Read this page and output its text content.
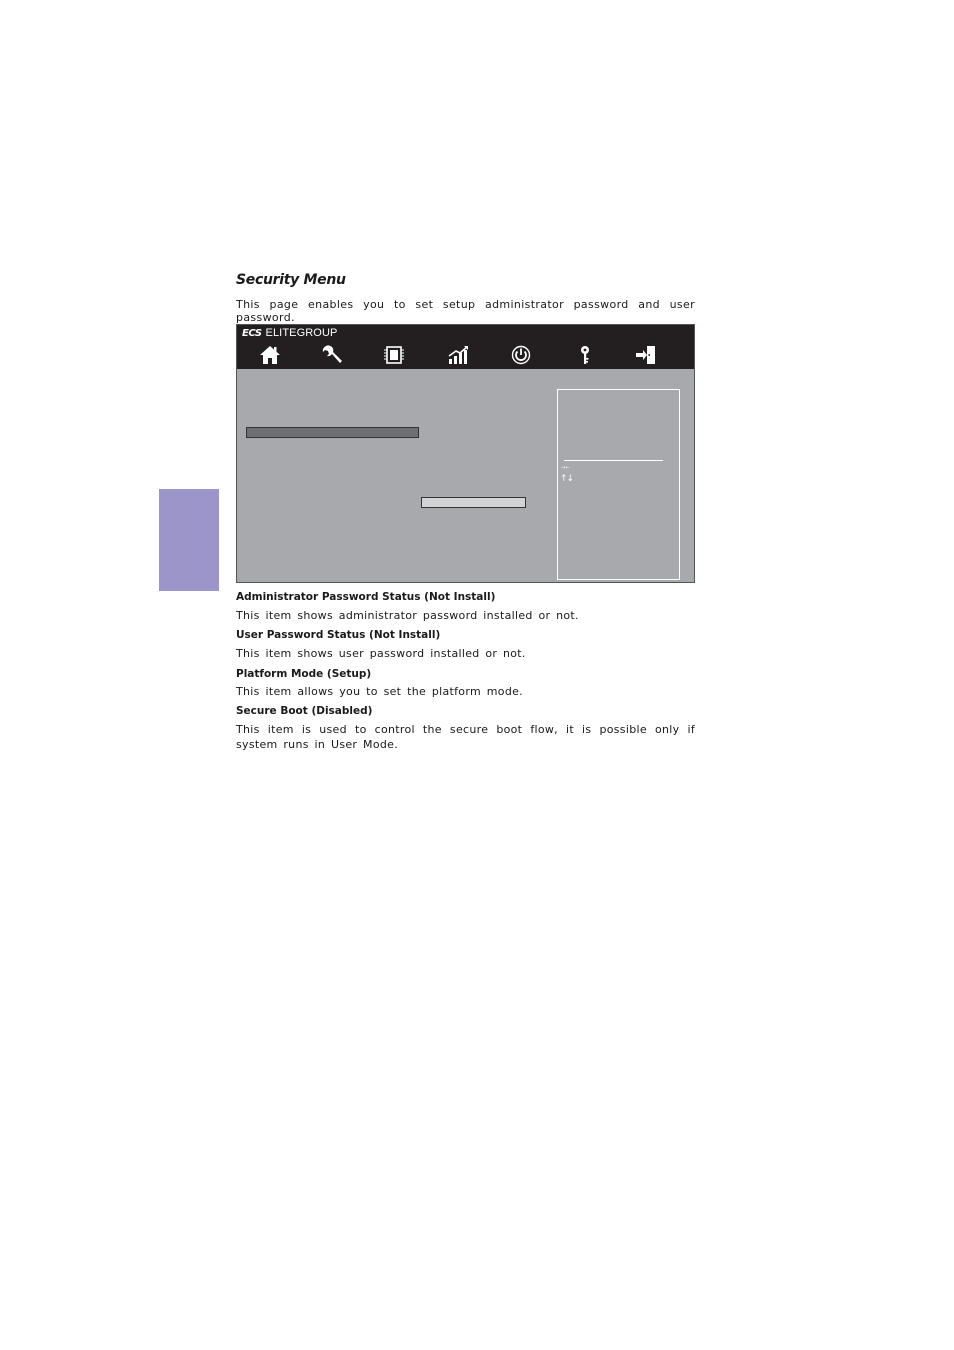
Security Menu
This page enables you to set setup administrator password and user password.
ECS ELITEGROUP
→←
↑↓
Administrator Password Status (Not Install)
This item shows administrator password installed or not.
User Password Status (Not Install)
This item shows user password installed or not.
Platform Mode (Setup)
This item allows you to set the platform mode.
Secure Boot (Disabled)
This item is used to control the secure boot flow, it is possible only if system runs in User Mode.
